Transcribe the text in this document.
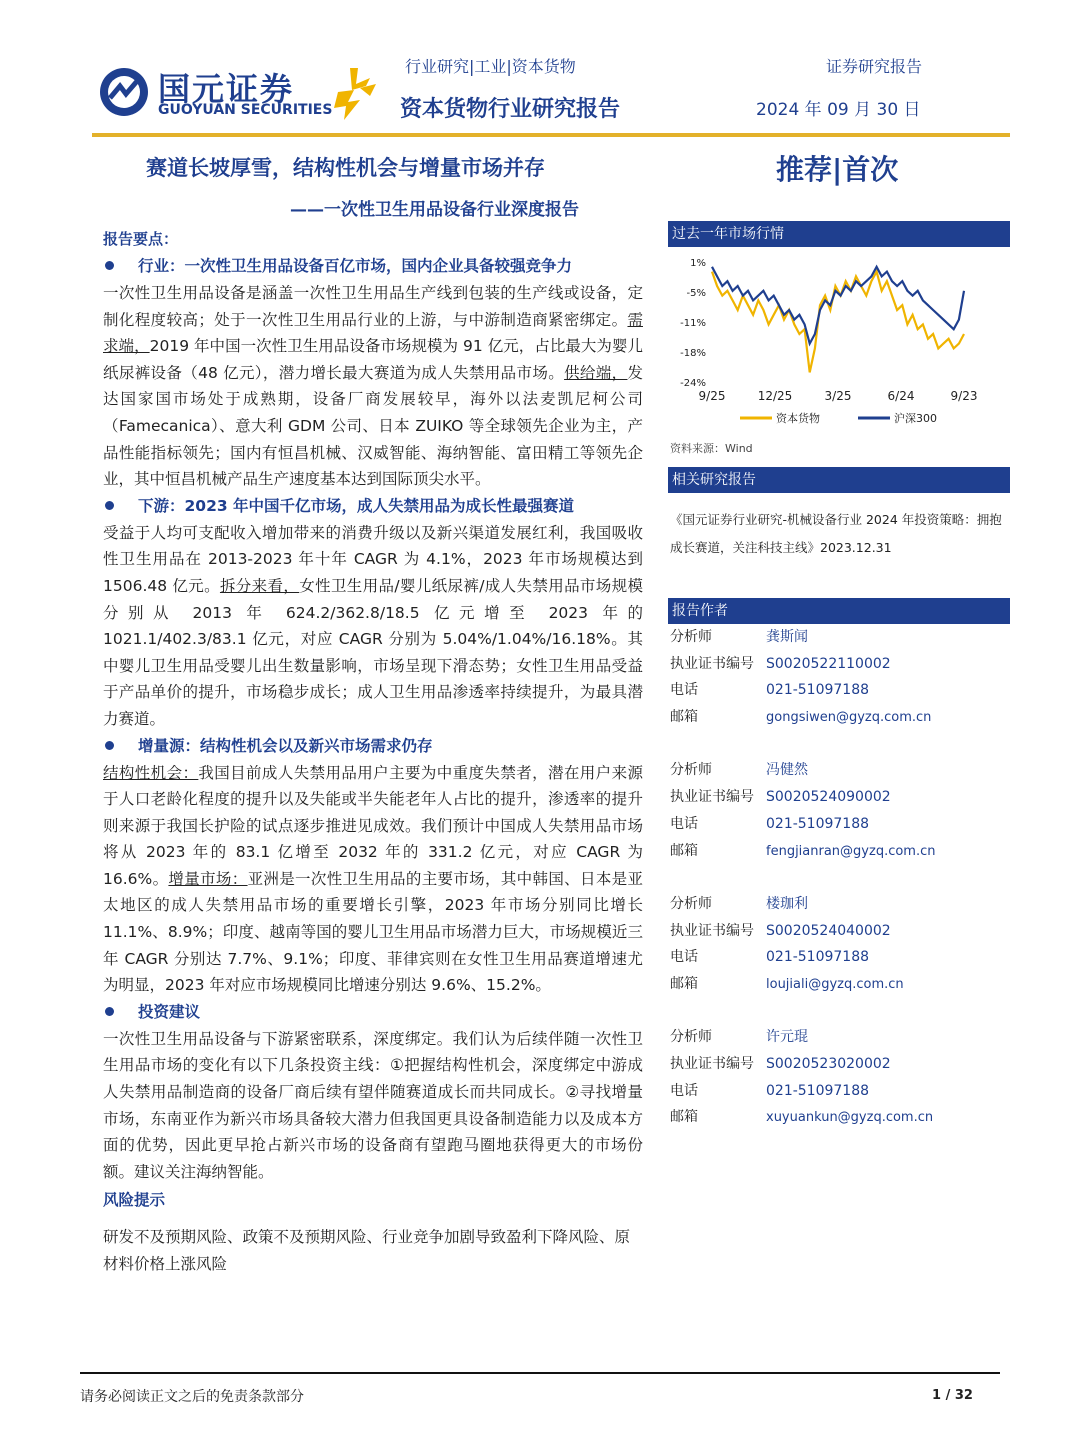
国元证券
GUOYUAN SECURITIES
行业研究|工业|资本货物	证券研究报告
资本货物行业研究报告	2024 年 09 月 30 日
赛道长坡厚雪，结构性机会与增量市场并存
——一次性卫生用品设备行业深度报告
推荐|首次
报告要点：
行业：一次性卫生用品设备百亿市场，国内企业具备较强竞争力

一次性卫生用品设备是涵盖一次性卫生用品生产线到包装的生产线或设备，定制化程度较高；处于一次性卫生用品行业的上游，与中游制造商紧密绑定。需求端，2019 年中国一次性卫生用品设备市场规模为 91 亿元，占比最大为婴儿纸尿裤设备（48 亿元），潜力增长最大赛道为成人失禁用品市场。供给端，发达国家国市场处于成熟期，设备厂商发展较早，海外以法麦凯尼柯公司（Famecanica）、意大利 GDM 公司、日本 ZUIKO 等全球领先企业为主，产品性能指标领先；国内有恒昌机械、汉威智能、海纳智能、富田精工等领先企业，其中恒昌机械产品生产速度基本达到国际顶尖水平。

下游：2023 年中国千亿市场，成人失禁用品为成长性最强赛道

受益于人均可支配收入增加带来的消费升级以及新兴渠道发展红利，我国吸收性卫生用品在 2013-2023 年十年 CAGR 为 4.1%，2023 年市场规模达到 1506.48 亿元。拆分来看，女性卫生用品/婴儿纸尿裤/成人失禁用品市场规模分别从 2013 年 624.2/362.8/18.5 亿元增至 2023 年的 1021.1/402.3/83.1 亿元，对应 CAGR 分别为 5.04%/1.04%/16.18%。其中婴儿卫生用品受婴儿出生数量影响，市场呈现下滑态势；女性卫生用品受益于产品单价的提升，市场稳步成长；成人卫生用品渗透率持续提升，为最具潜力赛道。

增量源：结构性机会以及新兴市场需求仍存

结构性机会：我国目前成人失禁用品用户主要为中重度失禁者，潜在用户来源于人口老龄化程度的提升以及失能或半失能老年人占比的提升，渗透率的提升则来源于我国长护险的试点逐步推进见成效。我们预计中国成人失禁用品市场将从 2023 年的 83.1 亿增至 2032 年的 331.2 亿元，对应 CAGR 为 16.6%。增量市场：亚洲是一次性卫生用品的主要市场，其中韩国、日本是亚太地区的成人失禁用品市场的重要增长引擎，2023 年市场分别同比增长 11.1%、8.9%；印度、越南等国的婴儿卫生用品市场潜力巨大，市场规模近三年 CAGR 分别达 7.7%、9.1%；印度、菲律宾则在女性卫生用品赛道增速尤为明显，2023 年对应市场规模同比增速分别达 9.6%、15.2%。

投资建议

一次性卫生用品设备与下游紧密联系，深度绑定。我们认为后续伴随一次性卫生用品市场的变化有以下几条投资主线：①把握结构性机会，深度绑定中游成人失禁用品制造商的设备厂商后续有望伴随赛道成长而共同成长。②寻找增量市场，东南亚作为新兴市场具备较大潜力但我国更具设备制造能力以及成本方面的优势，因此更早抢占新兴市场的设备商有望跑马圈地获得更大的市场份额。建议关注海纳智能。

风险提示
研发不及预期风险、政策不及预期风险、行业竞争加剧导致盈利下降风险、原材料价格上涨风险
过去一年市场行情
1%
-5%
-11%
-18%
-24%
9/25	12/25	3/25	6/24	9/23
资本货物	沪深300
资料来源：Wind
相关研究报告
《国元证券行业研究-机械设备行业 2024 年投资策略：拥抱成长赛道，关注科技主线》2023.12.31
报告作者
分析师	龚斯闻
执业证书编号 S0020522110002
电话	021-51097188
邮箱	gongsiwen@gyzq.com.cn
分析师	冯健然
执业证书编号 S0020524090002
电话	021-51097188
邮箱	fengjianran@gyzq.com.cn
分析师	楼珈利
执业证书编号 S0020524040002
电话	021-51097188
邮箱	loujiali@gyzq.com.cn
分析师	许元琨
执业证书编号 S0020523020002
电话	021-51097188
邮箱	xuyuankun@gyzq.com.cn
请务必阅读正文之后的免责条款部分	1 / 32
